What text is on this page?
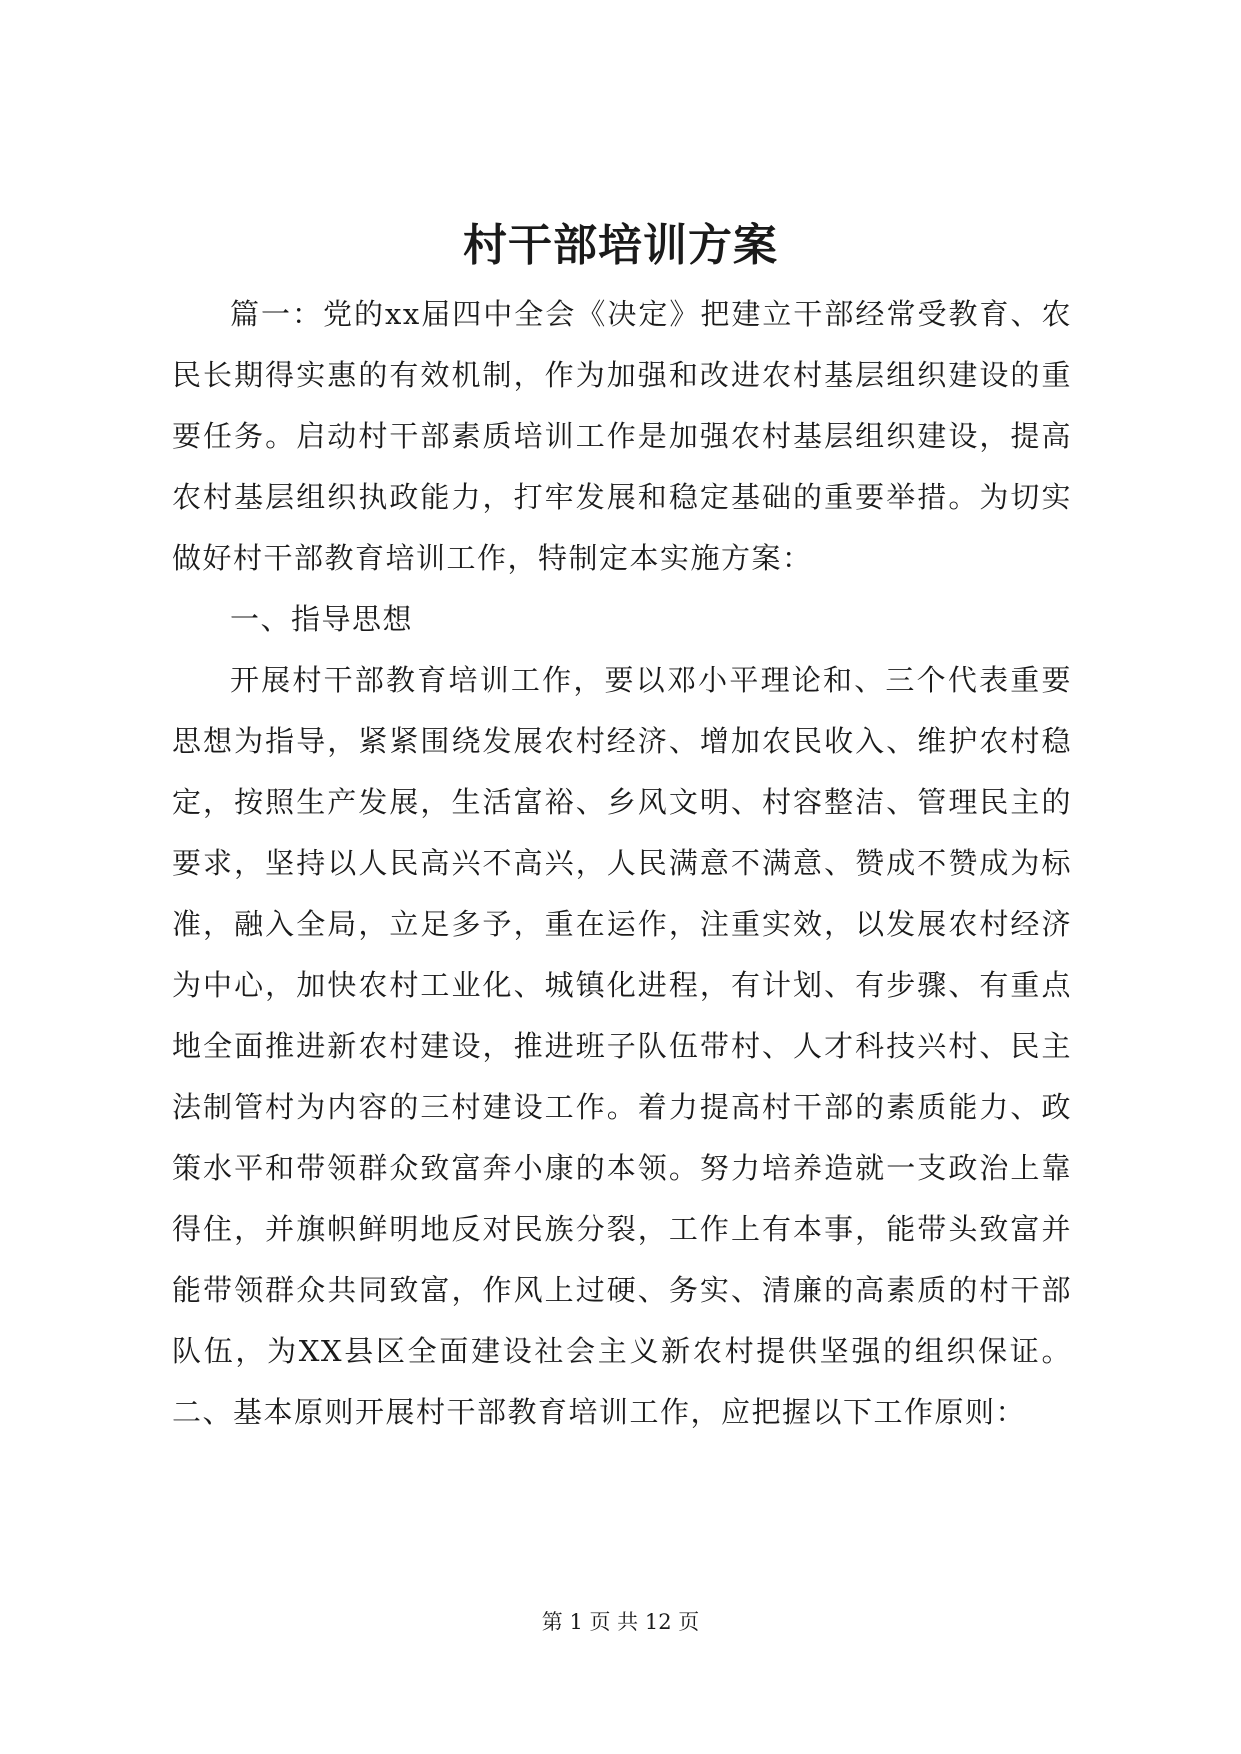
村干部培训方案

篇一：党的xx届四中全会《决定》把建立干部经常受教育、农民长期得实惠的有效机制，作为加强和改进农村基层组织建设的重要任务。启动村干部素质培训工作是加强农村基层组织建设，提高农村基层组织执政能力，打牢发展和稳定基础的重要举措。为切实做好村干部教育培训工作，特制定本实施方案：

一、指导思想

开展村干部教育培训工作，要以邓小平理论和、三个代表重要思想为指导，紧紧围绕发展农村经济、增加农民收入、维护农村稳定，按照生产发展，生活富裕、乡风文明、村容整洁、管理民主的要求，坚持以人民高兴不高兴，人民满意不满意、赞成不赞成为标准，融入全局，立足多予，重在运作，注重实效，以发展农村经济为中心，加快农村工业化、城镇化进程，有计划、有步骤、有重点地全面推进新农村建设，推进班子队伍带村、人才科技兴村、民主法制管村为内容的三村建设工作。着力提高村干部的素质能力、政策水平和带领群众致富奔小康的本领。努力培养造就一支政治上靠得住，并旗帜鲜明地反对民族分裂，工作上有本事，能带头致富并能带领群众共同致富，作风上过硬、务实、清廉的高素质的村干部队伍，为XX县区全面建设社会主义新农村提供坚强的组织保证。二、基本原则开展村干部教育培训工作，应把握以下工作原则：

第 1 页 共 12 页
